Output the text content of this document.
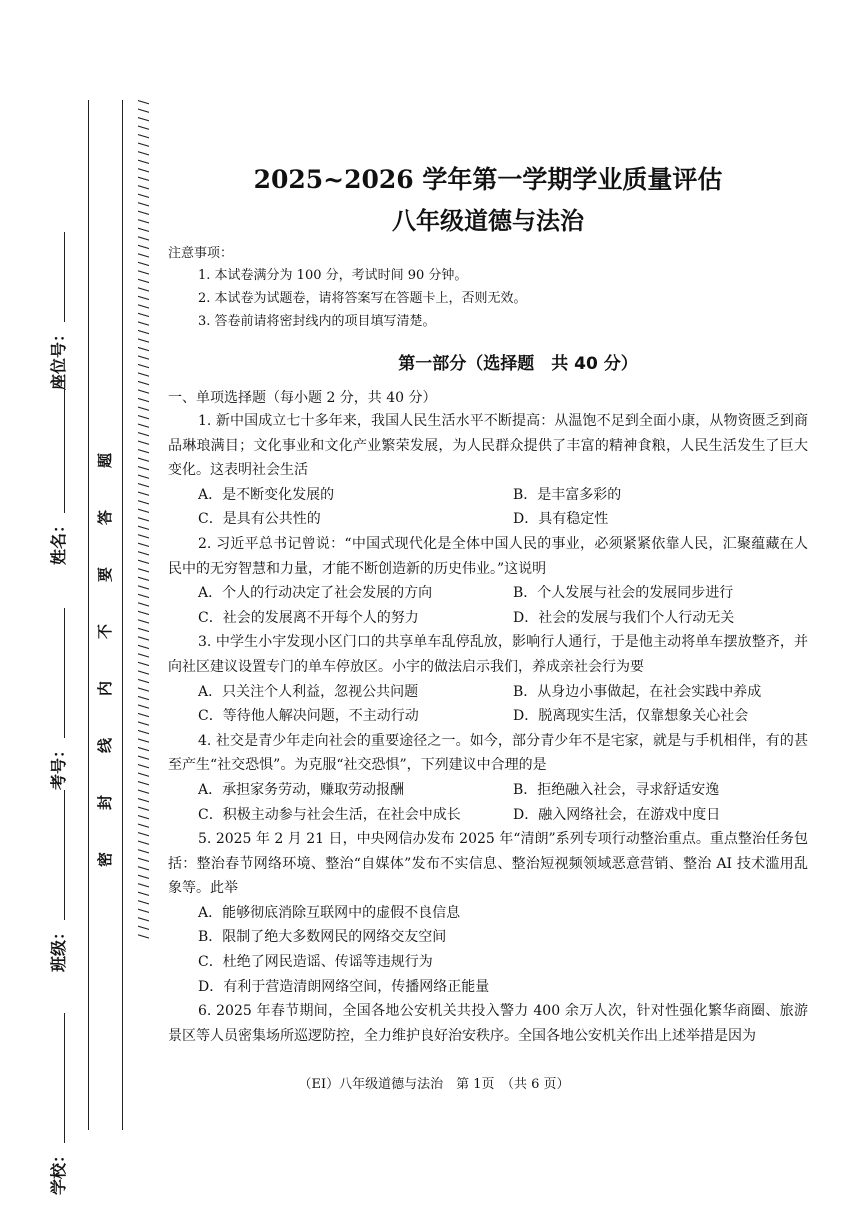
/ / / / / / / / / / / / / / / / / / / / / / / / / / / / / / / / / / / / / / / / / / / / / / / / / / / / / / / / / / / / / / / / / / / / / / / / / / / / / / / / / / / / / / / / / / / / / / / / / / /
题
答
要
不
内
线
封
密
座位号：
姓名：
考号：
班级：
学校：
2025~2026 学年第一学期学业质量评估
八年级道德与法治
注意事项：
1. 本试卷满分为 100 分，考试时间 90 分钟。
2. 本试卷为试题卷，请将答案写在答题卡上，否则无效。
3. 答卷前请将密封线内的项目填写清楚。
第一部分（选择题　共 40 分）
一、单项选择题（每小题 2 分，共 40 分）
1. 新中国成立七十多年来，我国人民生活水平不断提高：从温饱不足到全面小康，从物资匮乏到商品琳琅满目；文化事业和文化产业繁荣发展，为人民群众提供了丰富的精神食粮，人民生活发生了巨大变化。这表明社会生活
A．是不断变化发展的	B．是丰富多彩的
C．是具有公共性的	D．具有稳定性
2. 习近平总书记曾说：“中国式现代化是全体中国人民的事业，必须紧紧依靠人民，汇聚蕴藏在人民中的无穷智慧和力量，才能不断创造新的历史伟业。”这说明
A．个人的行动决定了社会发展的方向	B．个人发展与社会的发展同步进行
C．社会的发展离不开每个人的努力	D．社会的发展与我们个人行动无关
3. 中学生小宇发现小区门口的共享单车乱停乱放，影响行人通行，于是他主动将单车摆放整齐，并向社区建议设置专门的单车停放区。小宇的做法启示我们，养成亲社会行为要
A．只关注个人利益，忽视公共问题	B．从身边小事做起，在社会实践中养成
C．等待他人解决问题，不主动行动	D．脱离现实生活，仅靠想象关心社会
4. 社交是青少年走向社会的重要途径之一。如今，部分青少年不是宅家，就是与手机相伴，有的甚至产生“社交恐惧”。为克服“社交恐惧”，下列建议中合理的是
A．承担家务劳动，赚取劳动报酬	B．拒绝融入社会，寻求舒适安逸
C．积极主动参与社会生活，在社会中成长	D．融入网络社会，在游戏中度日
5. 2025 年 2 月 21 日，中央网信办发布 2025 年“清朗”系列专项行动整治重点。重点整治任务包括：整治春节网络环境、整治“自媒体”发布不实信息、整治短视频领域恶意营销、整治 AI 技术滥用乱象等。此举
A．能够彻底消除互联网中的虚假不良信息
B．限制了绝大多数网民的网络交友空间
C．杜绝了网民造谣、传谣等违规行为
D．有利于营造清朗网络空间，传播网络正能量
6. 2025 年春节期间，全国各地公安机关共投入警力 400 余万人次，针对性强化繁华商圈、旅游景区等人员密集场所巡逻防控，全力维护良好治安秩序。全国各地公安机关作出上述举措是因为
（EI）八年级道德与法治　第 1页　（共 6 页）
